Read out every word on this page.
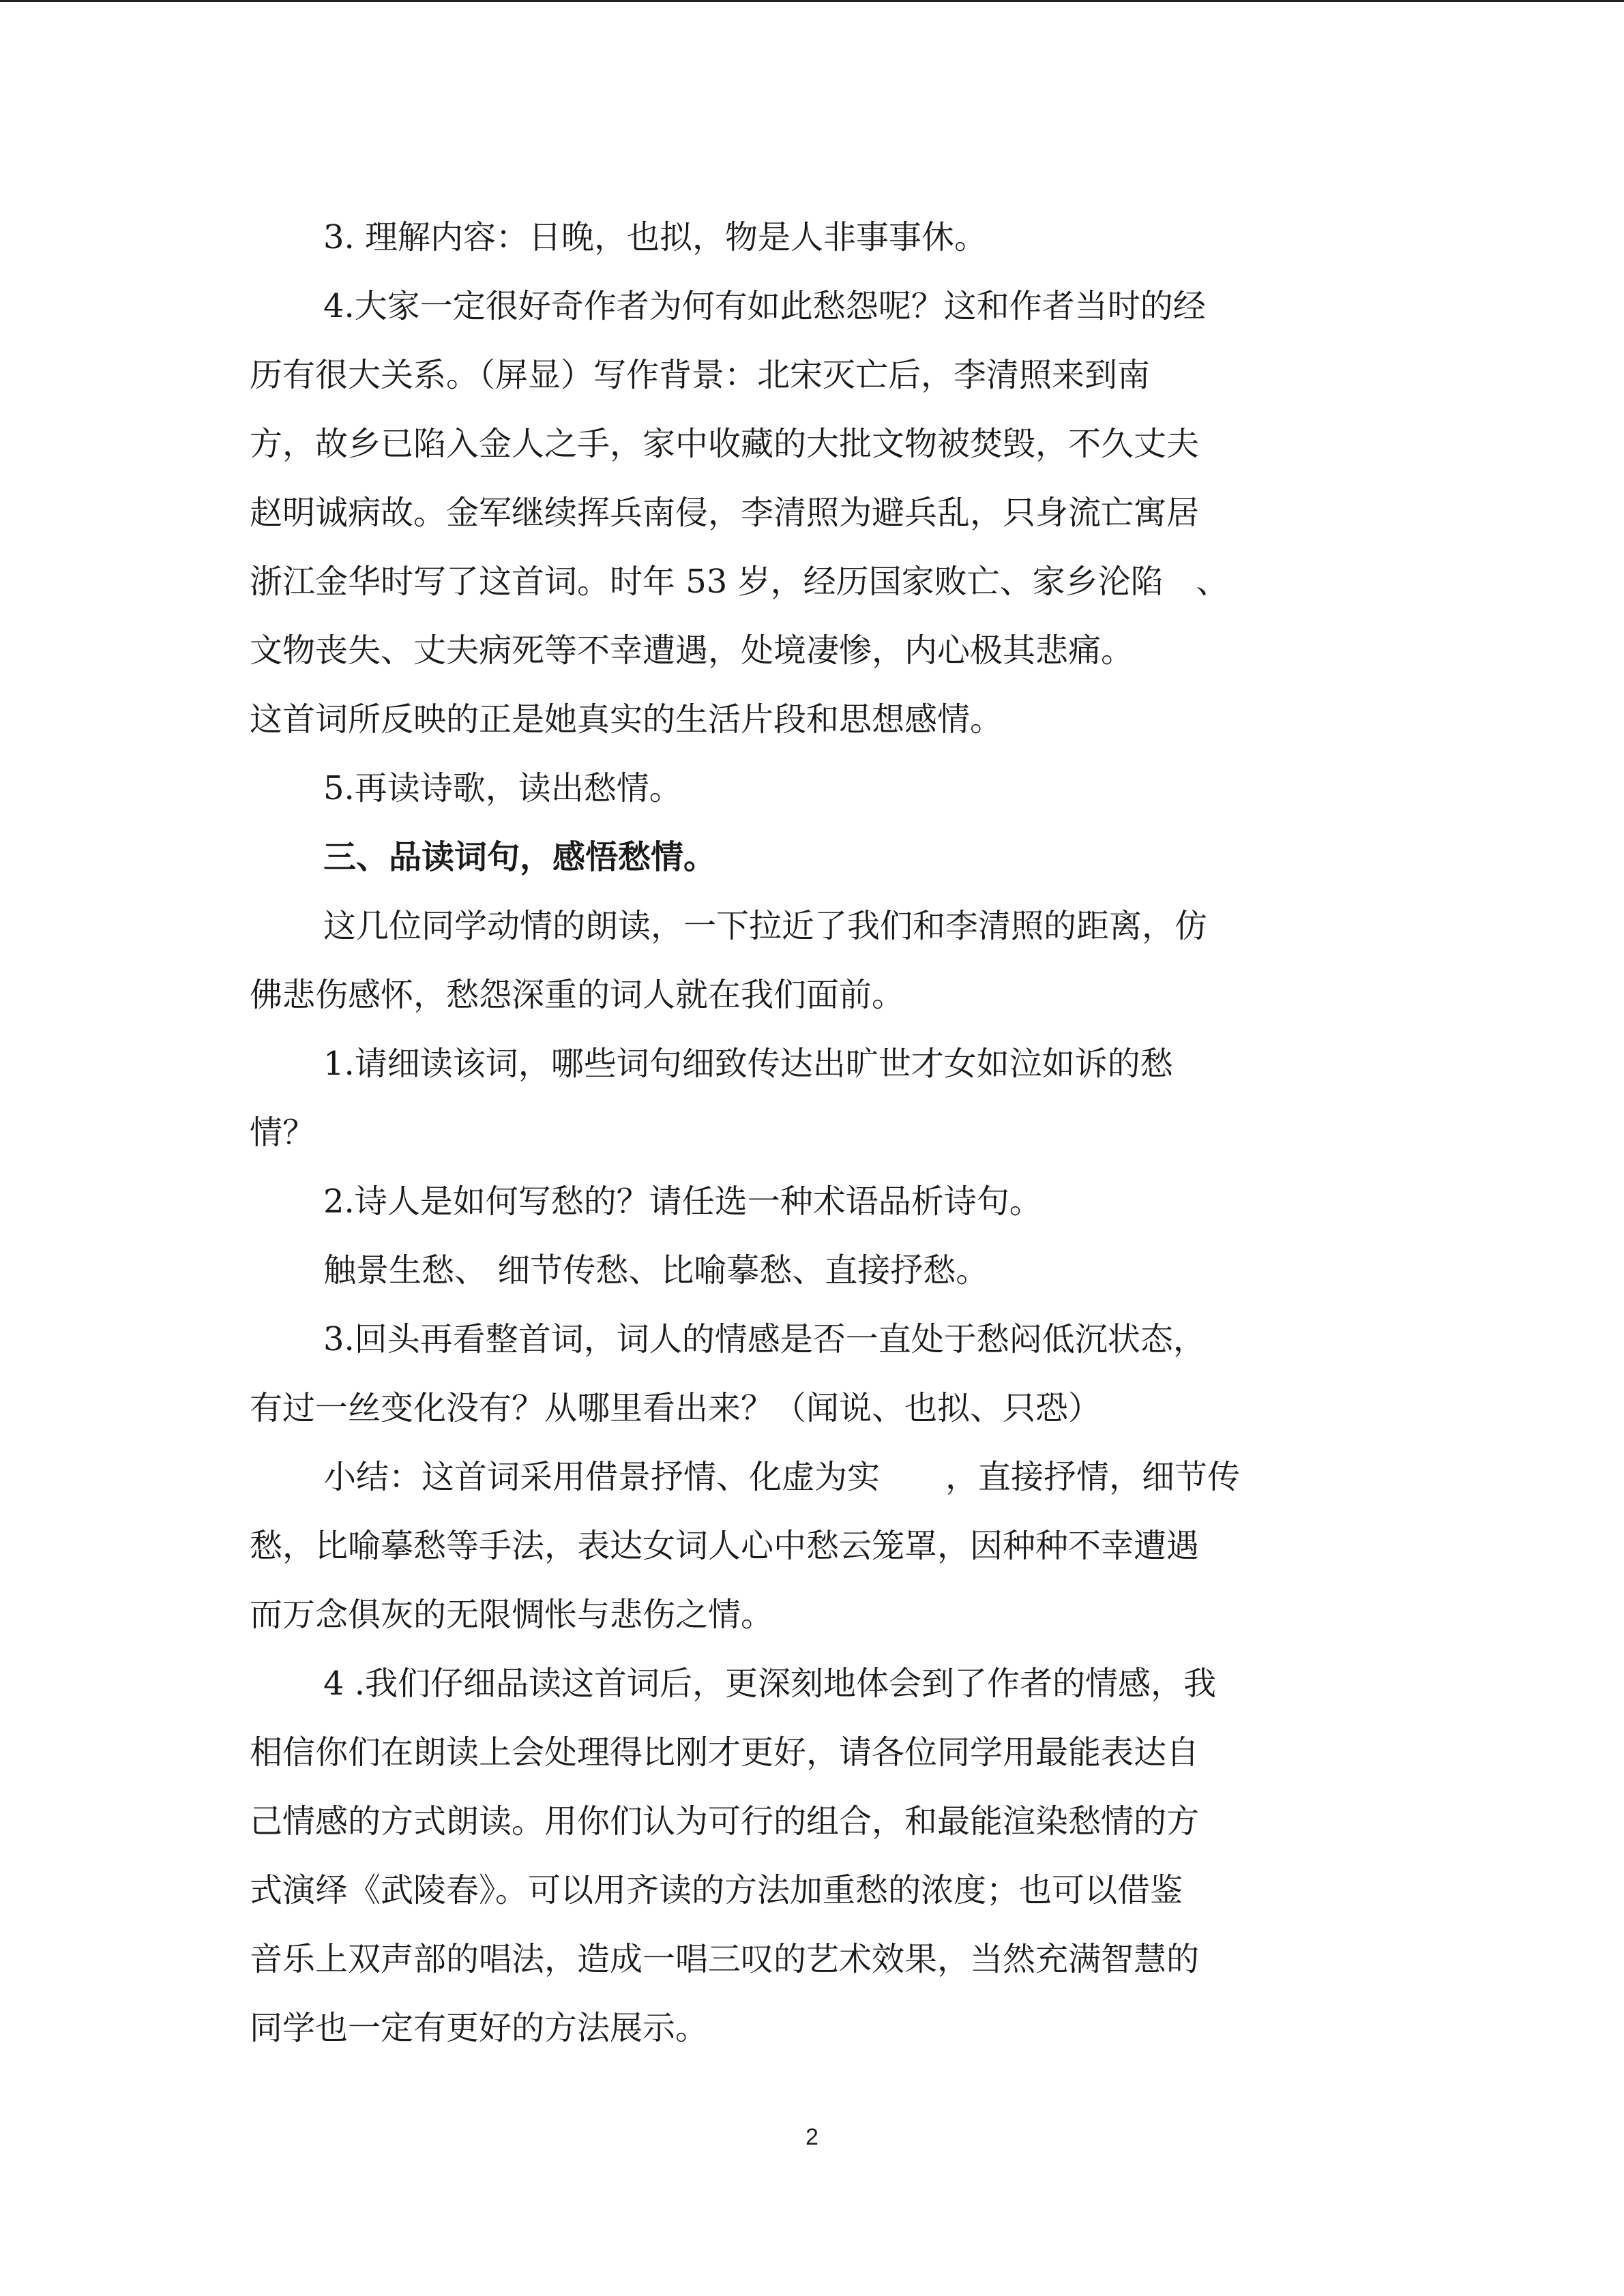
3. 理解内容：日晚，也拟，物是人非事事休。
4.大家一定很好奇作者为何有如此愁怨呢？这和作者当时的经
历有很大关系。（屏显）写作背景：北宋灭亡后，李清照来到南
方，故乡已陷入金人之手，家中收藏的大批文物被焚毁，不久丈夫
赵明诚病故。金军继续挥兵南侵，李清照为避兵乱，只身流亡寓居
浙江金华时写了这首词。时年 53 岁，经历国家败亡、家乡沦陷　、
文物丧失、丈夫病死等不幸遭遇，处境凄惨，内心极其悲痛。
这首词所反映的正是她真实的生活片段和思想感情。
5.再读诗歌，读出愁情。
三、品读词句，感悟愁情。
这几位同学动情的朗读，一下拉近了我们和李清照的距离，仿
佛悲伤感怀，愁怨深重的词人就在我们面前。
1.请细读该词，哪些词句细致传达出旷世才女如泣如诉的愁
情？
2.诗人是如何写愁的？请任选一种术语品析诗句。
触景生愁、 细节传愁、比喻摹愁、直接抒愁。
3.回头再看整首词，词人的情感是否一直处于愁闷低沉状态，
有过一丝变化没有？从哪里看出来？（闻说、也拟、只恐）
小结：这首词采用借景抒情、化虚为实　　，直接抒情，细节传
愁，比喻摹愁等手法，表达女词人心中愁云笼罩，因种种不幸遭遇
而万念俱灰的无限惆怅与悲伤之情。
4 .我们仔细品读这首词后，更深刻地体会到了作者的情感，我
相信你们在朗读上会处理得比刚才更好，请各位同学用最能表达自
己情感的方式朗读。用你们认为可行的组合，和最能渲染愁情的方
式演绎《武陵春》。可以用齐读的方法加重愁的浓度；也可以借鉴
音乐上双声部的唱法，造成一唱三叹的艺术效果，当然充满智慧的
同学也一定有更好的方法展示。
2
